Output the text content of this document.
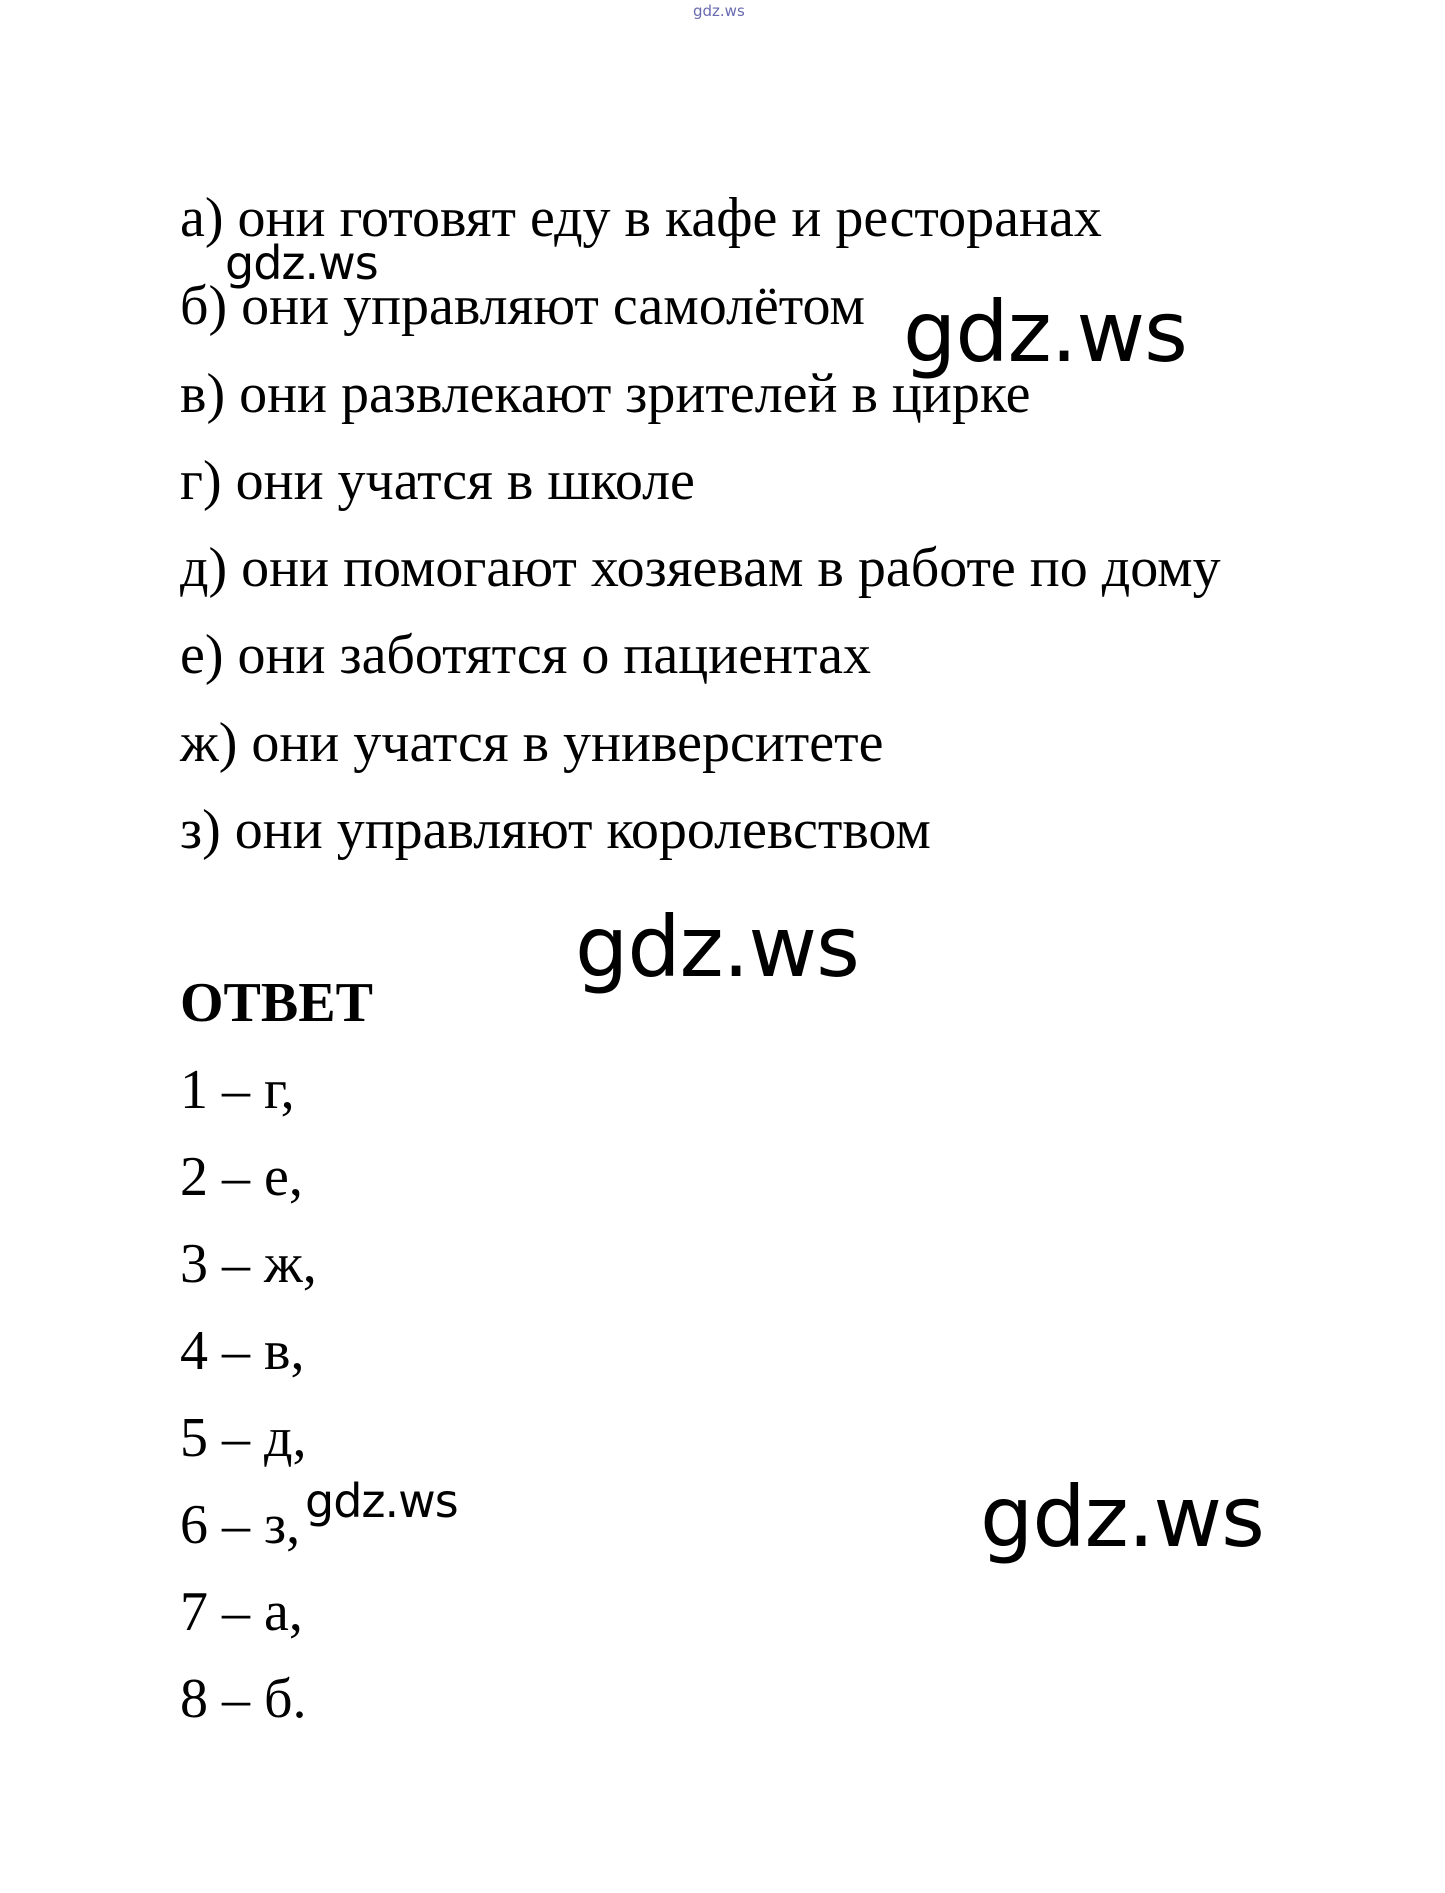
gdz.ws
а) они готовят еду в кафе и ресторанах
б) они управляют самолётом
в) они развлекают зрителей в цирке
г) они учатся в школе
д) они помогают хозяевам в работе по дому
е) они заботятся о пациентах
ж) они учатся в университете
з) они управляют королевством
ОТВЕТ
1 – г,
2 – е,
3 – ж,
4 – в,
5 – д,
6 – з,
7 – а,
8 – б.
gdz.ws
gdz.ws
gdz.ws
gdz.ws	gdz.ws
